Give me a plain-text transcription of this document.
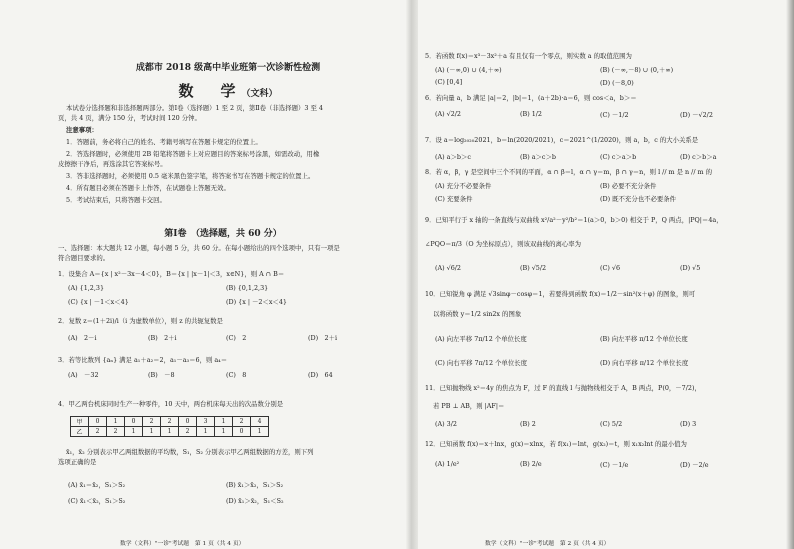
成都市 2018 级高中毕业班第一次诊断性检测
数　学（文科）
本试卷分选择题和非选择题两部分。第Ⅰ卷（选择题）1 至 2 页，第Ⅱ卷（非选择题）3 至 4
页，共 4 页，满分 150 分，考试时间 120 分钟。
注意事项：
1．答题前，务必将自己的姓名、考籍号填写在答题卡规定的位置上。
2．答选择题时，必须使用 2B 铅笔将答题卡上对应题目的答案标号涂黑，如需改动，用橡
皮擦擦干净后，再选涂其它答案标号。
3．答非选择题时，必须使用 0.5 毫米黑色签字笔，将答案书写在答题卡规定的位置上。
4．所有题目必须在答题卡上作答，在试题卷上答题无效。
5．考试结束后，只将答题卡交回。
第Ⅰ卷　（选择题，共 60 分）
一、选择题：本大题共 12 小题，每小题 5 分，共 60 分。在每小题给出的四个选项中，只有一项是
符合题目要求的。
1．设集合 A＝{x | x²－3x－4＜0}，B＝{x | |x－1|＜3，x∈N}，则 A ∩ B＝
(A) {1,2,3}	(B) {0,1,2,3}
(C) {x | －1＜x＜4}	(D) {x | －2＜x＜4}
2．复数 z＝(1＋2i)/i（i 为虚数单位），则 z 的共轭复数是
(A)　2－i	(B)　2＋i	(C)　2	(D)　2＋i
3．若等比数列 {aₙ} 满足 a₁＋a₂＝2，a₁－a₃＝6，则 a₄＝
(A)　－32	(B)　－8	(C)　8	(D)　64
4．甲乙两台机床同时生产一种零件，10 天中，两台机床每天出的次品数分别是
甲	0	1	0	2	2	0	3	1	2	4
乙	2	2	1	1	1	2	1	1	0	1
x̄₁，x̄₂ 分别表示甲乙两组数据的平均数，S₁，S₂ 分别表示甲乙两组数据的方差，则下列
选项正确的是
(A) x̄₁＝x̄₂，S₁＞S₂	(B) x̄₁＞x̄₂，S₁＞S₂
(C) x̄₁＜x̄₂，S₁＞S₂	(D) x̄₁＞x̄₂，S₁＜S₂
数学（文科）"一诊"考试题　第 1 页（共 4 页）
5．若函数 f(x)＝x³－3x²＋a 有且仅有一个零点，则实数 a 的取值范围为
(A) (－∞,0) ∪ (4,＋∞)	(B) (－∞,－8) ∪ (0,＋∞)
(C) [0,4]	(D) (－8,0)
6．若向量 a，b 满足 |a|＝2，|b|＝1，(a＋2b)·a＝6，则 cos＜a，b＞＝
(A) √2/2	(B) 1/2	(C) －1/2	(D) －√2/2
7．设 a＝log₂₀₂₀2021，b＝ln(2020/2021)，c＝2021^(1/2020)，则 a，b，c 的大小关系是
(A) a＞b＞c	(B) a＞c＞b	(C) c＞a＞b	(D) c＞b＞a
8．若 α，β，γ 是空间中三个不同的平面，α ∩ β＝l，α ∩ γ＝m，β ∩ γ＝n，则 l // m 是 n // m 的
(A) 充分不必要条件	(B) 必要不充分条件
(C) 充要条件	(D) 既不充分也不必要条件
9．已知平行于 x 轴的一条直线与双曲线 x²/a²－y²/b²＝1(a＞0，b＞0) 相交于 P，Q 两点，|PQ|＝4a，
∠PQO＝π/3（O 为坐标原点），则该双曲线的离心率为
(A) √6/2	(B) √5/2	(C) √6	(D) √5
10．已知锐角 φ 满足 √3sinφ－cosφ＝1，若要得到函数 f(x)＝1/2－sin²(x＋φ) 的图象，则可
以将函数 y＝1/2 sin2x 的图象
(A) 向左平移 7π/12 个单位长度	(B) 向左平移 π/12 个单位长度
(C) 向右平移 7π/12 个单位长度	(D) 向右平移 π/12 个单位长度
11．已知抛物线 x²＝4y 的焦点为 F，过 F 的直线 l 与抛物线相交于 A，B 两点，P(0，－7/2)，
若 PB ⊥ AB，则 |AF|＝
(A) 3/2	(B) 2	(C) 5/2	(D) 3
12．已知函数 f(x)＝x＋lnx，g(x)＝xlnx，若 f(x₁)＝lnt，g(x₂)＝t，则 x₁x₂lnt 的最小值为
(A) 1/e²	(B) 2/e	(C) －1/e	(D) －2/e
数学（文科）"一诊"考试题　第 2 页（共 4 页）
